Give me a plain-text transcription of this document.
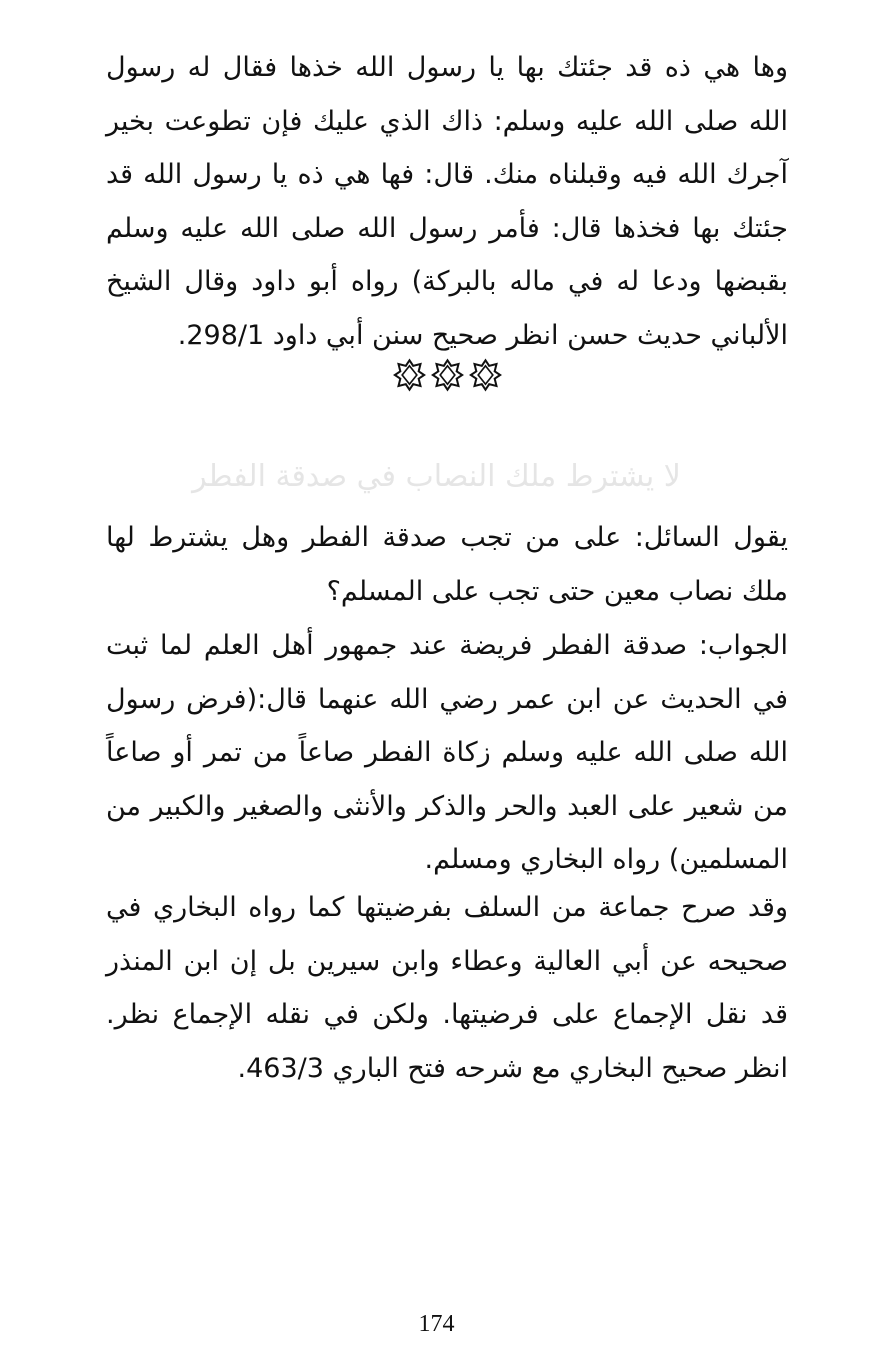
وها هي ذه قد جئتك بها يا رسول الله خذها فقال له رسول الله صلى الله عليه وسلم: ذاك الذي عليك فإن تطوعت بخير آجرك الله فيه وقبلناه منك. قال: فها هي ذه يا رسول الله قد جئتك بها فخذها قال: فأمر رسول الله صلى الله عليه وسلم بقبضها ودعا له في ماله بالبركة) رواه أبو داود وقال الشيخ الألباني حديث حسن انظر صحيح سنن أبي داود 298/1.

لا يشترط ملك النصاب في صدقة الفطر

يقول السائل: على من تجب صدقة الفطر وهل يشترط لها ملك نصاب معين حتى تجب على المسلم؟

الجواب: صدقة الفطر فريضة عند جمهور أهل العلم لما ثبت في الحديث عن ابن عمر رضي الله عنهما قال:(فرض رسول الله صلى الله عليه وسلم زكاة الفطر صاعاً من تمر أو صاعاً من شعير على العبد والحر والذكر والأنثى والصغير والكبير من المسلمين) رواه البخاري ومسلم.

وقد صرح جماعة من السلف بفرضيتها كما رواه البخاري في صحيحه عن أبي العالية وعطاء وابن سيرين بل إن ابن المنذر قد نقل الإجماع على فرضيتها. ولكن في نقله الإجماع نظر. انظر صحيح البخاري مع شرحه فتح الباري 463/3.

174
